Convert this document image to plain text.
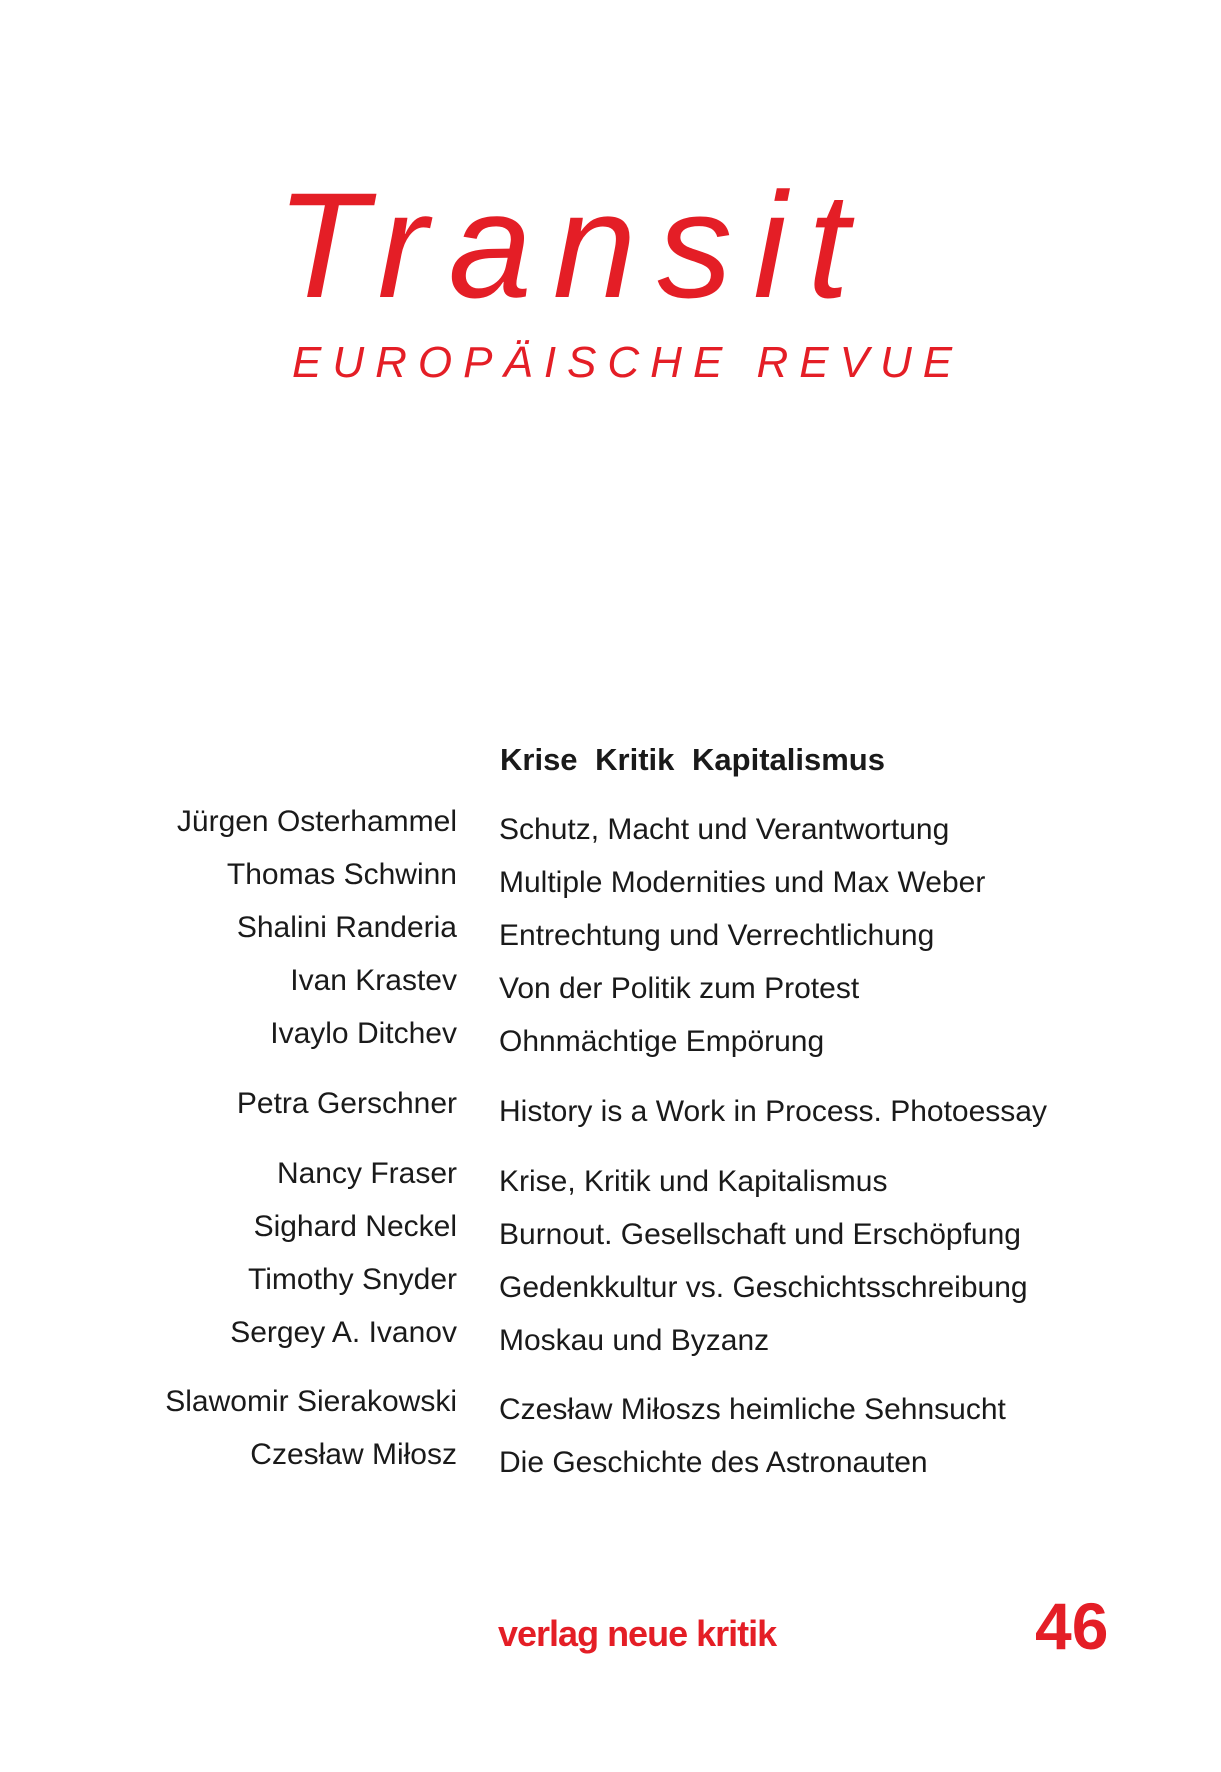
Transit
EUROPÄISCHE REVUE
Krise Kritik Kapitalismus
Jürgen Osterhammel Schutz, Macht und Verantwortung
Thomas Schwinn Multiple Modernities und Max Weber
Shalini Randeria Entrechtung und Verrechtlichung
Ivan Krastev Von der Politik zum Protest
Ivaylo Ditchev Ohnmächtige Empörung
Petra Gerschner History is a Work in Process. Photoessay
Nancy Fraser Krise, Kritik und Kapitalismus
Sighard Neckel Burnout. Gesellschaft und Erschöpfung
Timothy Snyder Gedenkkultur vs. Geschichtsschreibung
Sergey A. Ivanov Moskau und Byzanz
Slawomir Sierakowski Czesław Miłoszs heimliche Sehnsucht
Czesław Miłosz Die Geschichte des Astronauten
verlag neue kritik	46
